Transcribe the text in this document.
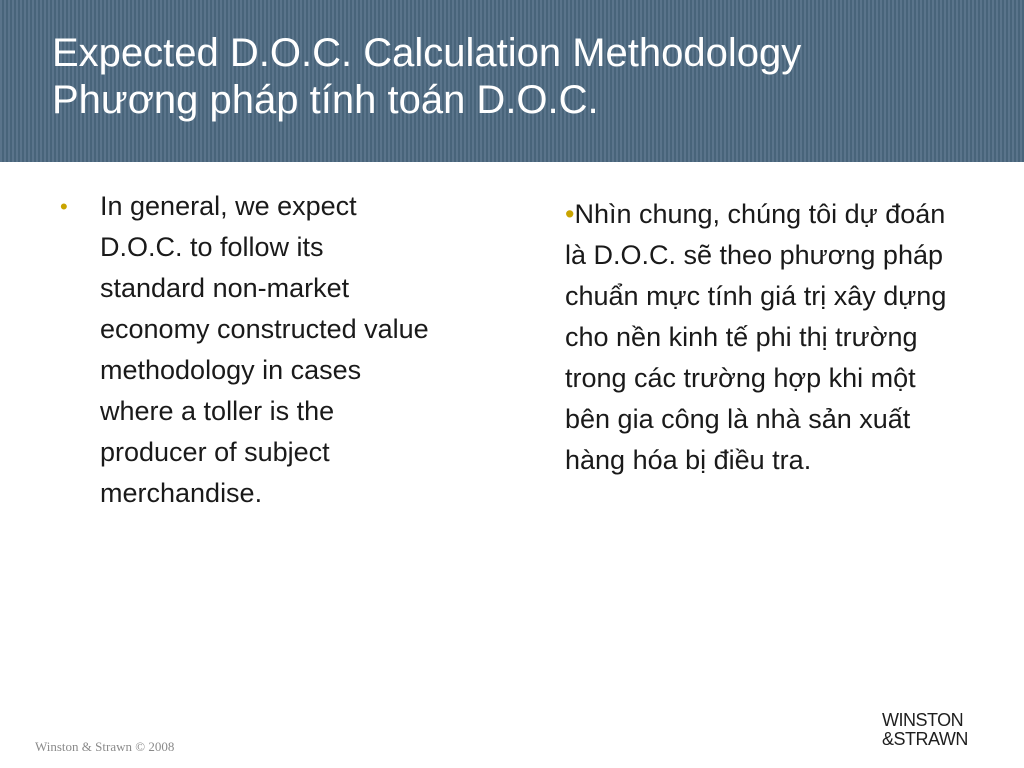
Expected D.O.C. Calculation Methodology
Phương pháp tính toán D.O.C.
•	In general, we expect D.O.C. to follow its standard non-market economy constructed value methodology in cases where a toller is the producer of subject merchandise.
•Nhìn chung, chúng tôi dự đoán là D.O.C. sẽ theo phương pháp chuẩn mực tính giá trị xây dựng cho nền kinh tế phi thị trường trong các trường hợp khi một bên gia công là nhà sản xuất hàng hóa bị điều tra.
Winston & Strawn © 2008
WINSTON
&STRAWN
